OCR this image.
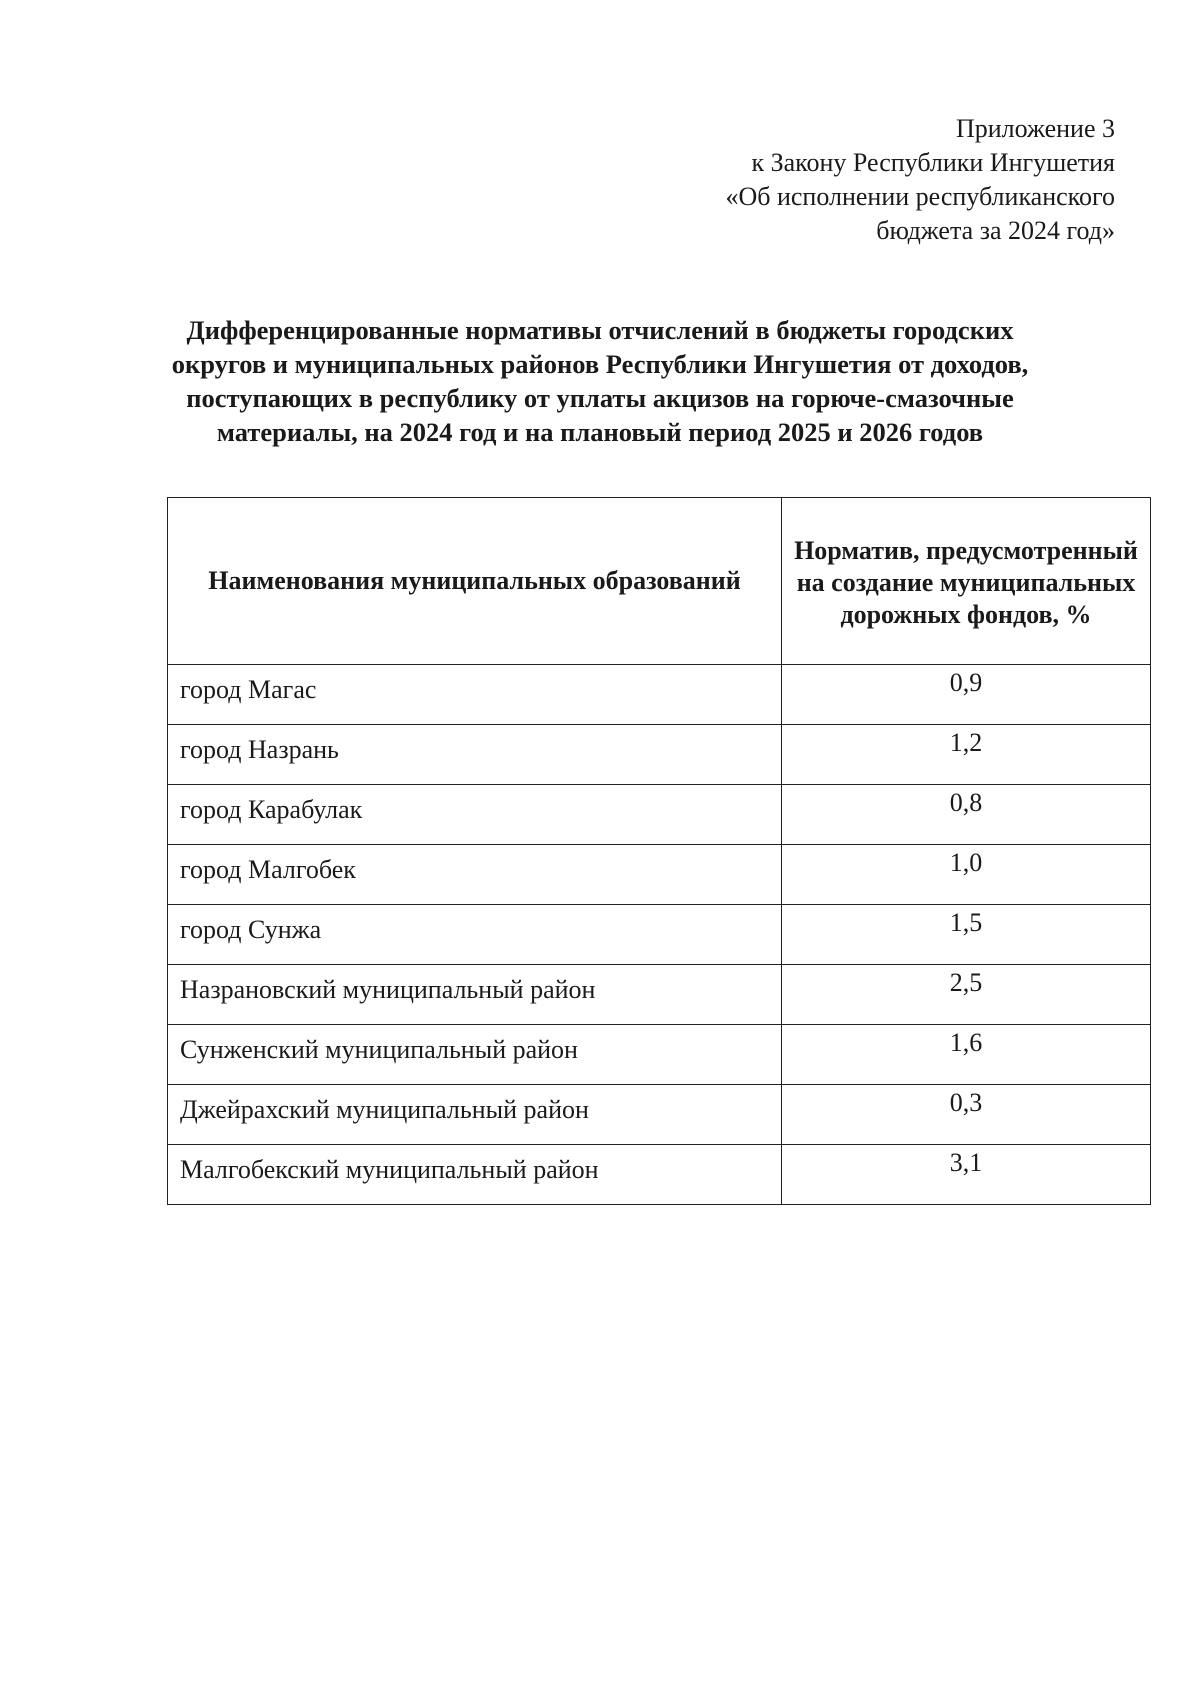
Приложение 3
к Закону Республики Ингушетия
«Об исполнении республиканского
бюджета за 2024 год»
Дифференцированные нормативы отчислений в бюджеты городских
округов и муниципальных районов Республики Ингушетия от доходов,
поступающих в республику от уплаты акцизов на горюче-смазочные
материалы, на 2024 год и на плановый период 2025 и 2026 годов
Наименования муниципальных образований	Норматив, предусмотренный на создание муниципальных дорожных фондов, %
город Магас	0,9
город Назрань	1,2
город Карабулак	0,8
город Малгобек	1,0
город Сунжа	1,5
Назрановский муниципальный район	2,5
Сунженский муниципальный район	1,6
Джейрахский муниципальный район	0,3
Малгобекский муниципальный район	3,1
